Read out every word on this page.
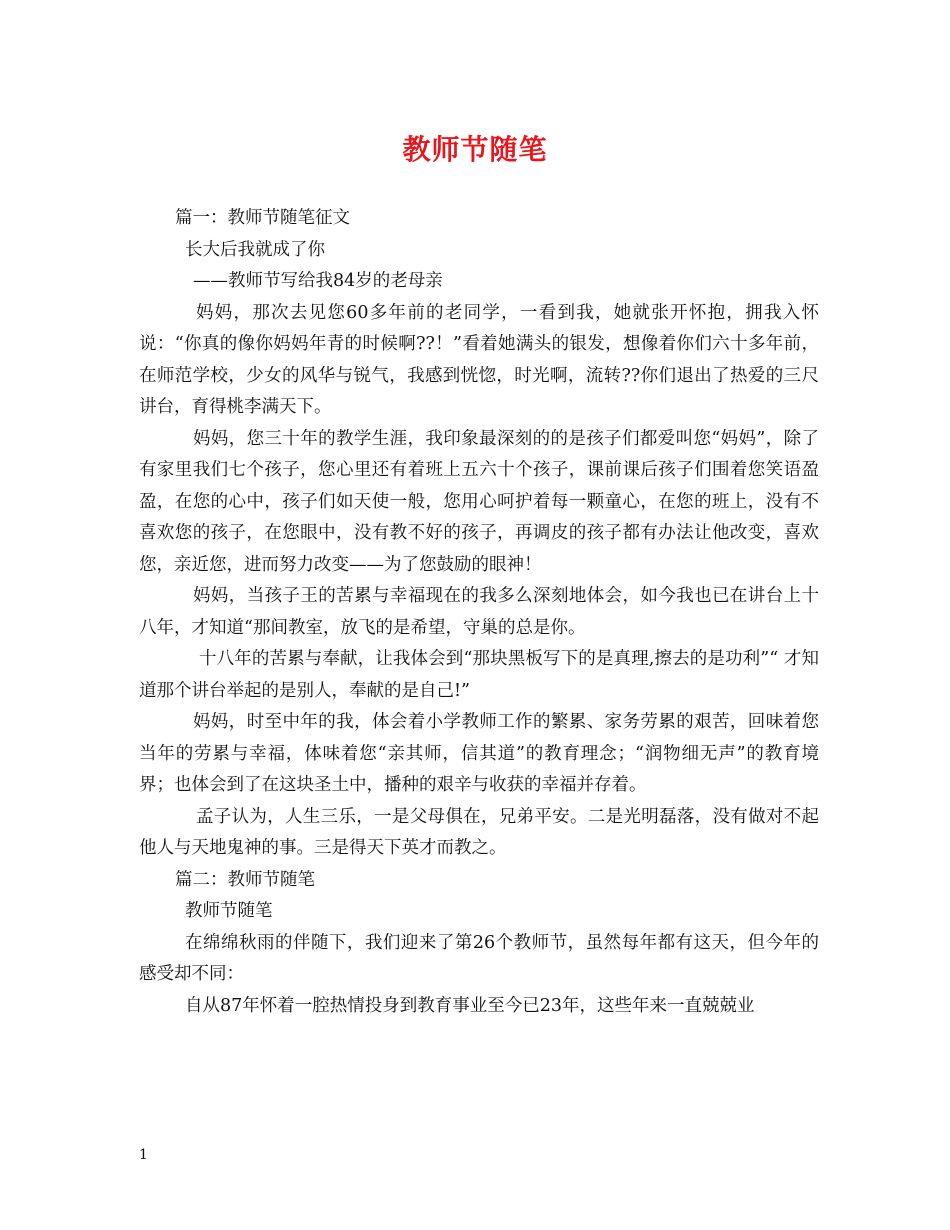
教师节随笔

篇一：教师节随笔征文

长大后我就成了你

——教师节写给我84岁的老母亲

妈妈，那次去见您60多年前的老同学，一看到我，她就张开怀抱，拥我入怀说：“你真的像你妈妈年青的时候啊??！”看着她满头的银发，想像着你们六十多年前，在师范学校，少女的风华与锐气，我感到恍惚，时光啊，流转??你们退出了热爱的三尺讲台，育得桃李满天下。

妈妈，您三十年的教学生涯，我印象最深刻的的是孩子们都爱叫您“妈妈”，除了有家里我们七个孩子，您心里还有着班上五六十个孩子，课前课后孩子们围着您笑语盈盈，在您的心中，孩子们如天使一般，您用心呵护着每一颗童心，在您的班上，没有不喜欢您的孩子，在您眼中，没有教不好的孩子，再调皮的孩子都有办法让他改变，喜欢您，亲近您，进而努力改变——为了您鼓励的眼神！

妈妈，当孩子王的苦累与幸福现在的我多么深刻地体会，如今我也已在讲台上十八年，才知道“那间教室，放飞的是希望，守巢的总是你。

十八年的苦累与奉献，让我体会到“那块黑板写下的是真理,擦去的是功利”“ 才知道那个讲台举起的是别人，奉献的是自己!”

妈妈，时至中年的我，体会着小学教师工作的繁累、家务劳累的艰苦，回味着您当年的劳累与幸福，体味着您“亲其师，信其道”的教育理念；“润物细无声”的教育境界；也体会到了在这块圣土中，播种的艰辛与收获的幸福并存着。

孟子认为，人生三乐，一是父母俱在，兄弟平安。二是光明磊落，没有做对不起他人与天地鬼神的事。三是得天下英才而教之。

篇二：教师节随笔

教师节随笔

在绵绵秋雨的伴随下，我们迎来了第26个教师节，虽然每年都有这天，但今年的感受却不同：

自从87年怀着一腔热情投身到教育事业至今已23年，这些年来一直兢兢业

1
